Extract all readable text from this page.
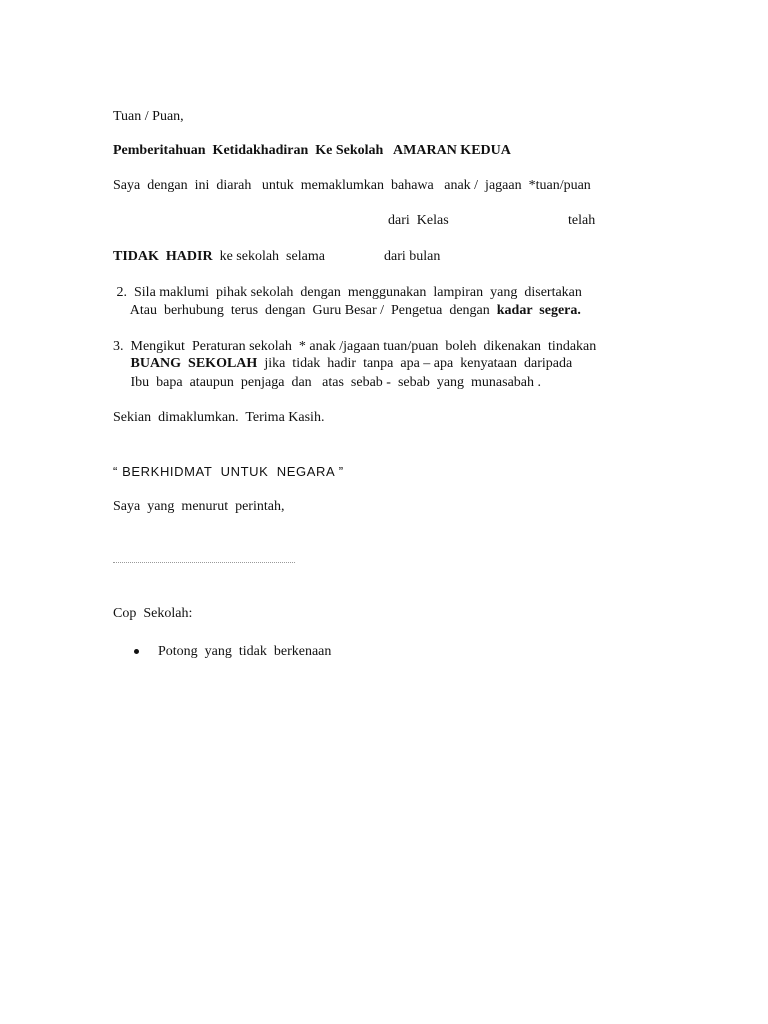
Tuan / Puan,
Pemberitahuan  Ketidakhadiran  Ke Sekolah   AMARAN KEDUA
Saya  dengan  ini  diarah   untuk  memaklumkan  bahawa   anak /  jagaan  *tuan/puan
dari  Kelas	telah
TIDAK  HADIR  ke sekolah  selama	dari bulan
2.  Sila maklumi  pihak sekolah  dengan  menggunakan  lampiran  yang  disertakan
Atau  berhubung  terus  dengan  Guru Besar /  Pengetua  dengan  kadar  segera.
3.  Mengikut  Peraturan sekolah  * anak /jagaan tuan/puan  boleh  dikenakan  tindakan
BUANG  SEKOLAH  jika  tidak  hadir  tanpa  apa – apa  kenyataan  daripada
Ibu  bapa  ataupun  penjaga  dan   atas  sebab -  sebab  yang  munasabah .
Sekian  dimaklumkan.  Terima Kasih.
“ BERKHIDMAT  UNTUK  NEGARA ”
Saya  yang  menurut  perintah,
Cop  Sekolah:
Potong  yang  tidak  berkenaan
